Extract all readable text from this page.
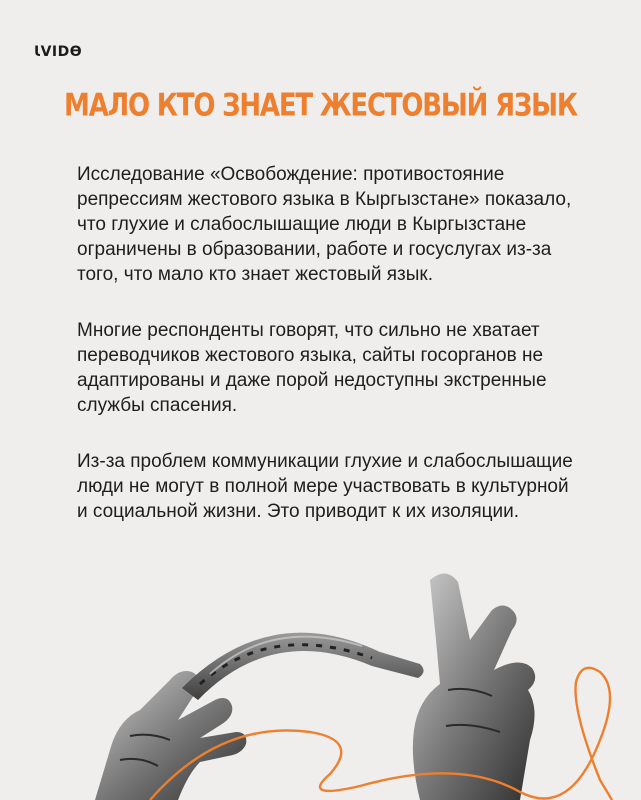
ƖVIDƟ
МАЛО КТО ЗНАЕТ ЖЕСТОВЫЙ ЯЗЫК

Исследование «Освобождение: противостояние репрессиям жестового языка в Кыргызстане» показало, что глухие и слабослышащие люди в Кыргызстане ограничены в образовании, работе и госуслугах из-за того, что мало кто знает жестовый язык.

Многие респонденты говорят, что сильно не хватает переводчиков жестового языка, сайты госорганов не адаптированы и даже порой недоступны экстренные службы спасения.

Из-за проблем коммуникации глухие и слабослышащие люди не могут в полной мере участвовать в культурной и социальной жизни. Это приводит к их изоляции.
